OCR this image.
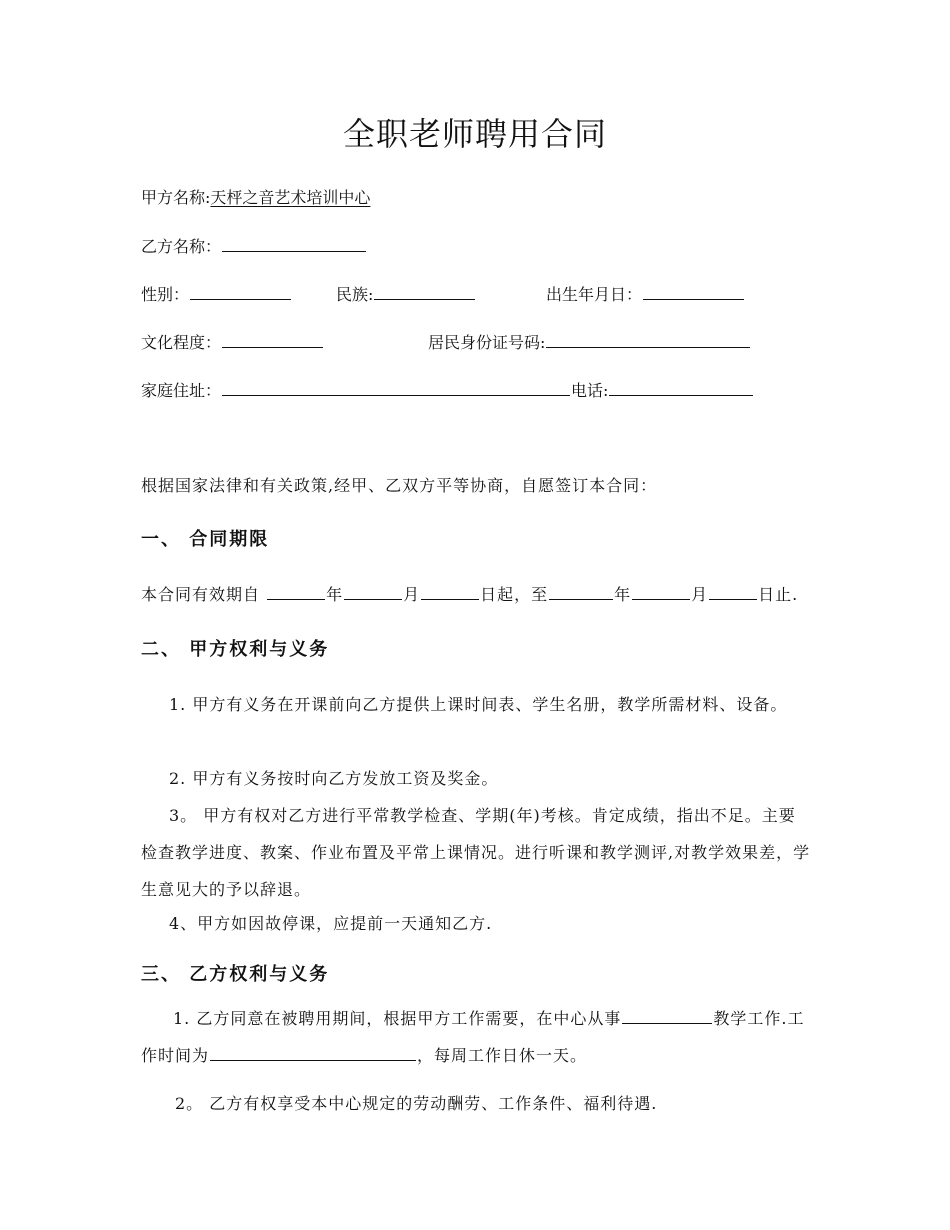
全职老师聘用合同
甲方名称:天枰之音艺术培训中心
乙方名称：
性别：	民族:	出生年月日：
文化程度：	居民身份证号码:
家庭住址：	电话:
根据国家法律和有关政策,经甲、乙双方平等协商，自愿签订本合同：
一、 合同期限
本合同有效期自	年	月	日起，至	年	月	日止.
二、 甲方权利与义务
1. 甲方有义务在开课前向乙方提供上课时间表、学生名册，教学所需材料、设备。
2. 甲方有义务按时向乙方发放工资及奖金。
3。 甲方有权对乙方进行平常教学检查、学期(年)考核。肯定成绩，指出不足。主要检查教学进度、教案、作业布置及平常上课情况。进行听课和教学测评,对教学效果差，学生意见大的予以辞退。
4、甲方如因故停课，应提前一天通知乙方.
三、 乙方权利与义务
1. 乙方同意在被聘用期间，根据甲方工作需要，在中心从事	教学工作.工作时间为	，每周工作日休一天。
2。 乙方有权享受本中心规定的劳动酬劳、工作条件、福利待遇.
